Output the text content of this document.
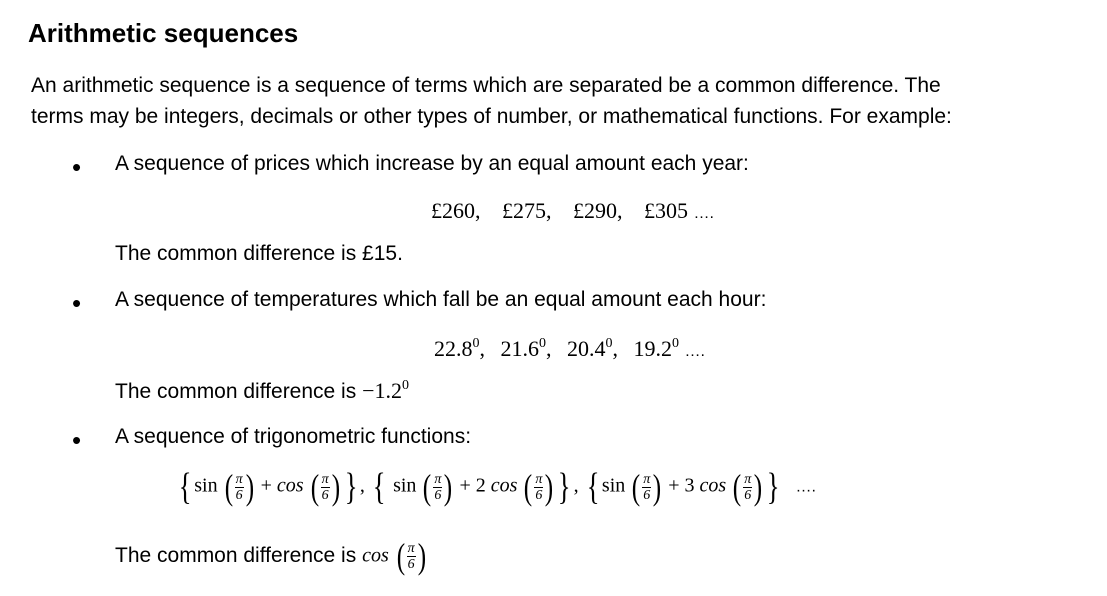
Arithmetic sequences
An arithmetic sequence is a sequence of terms which are separated be a common difference. The
terms may be integers, decimals or other types of number, or mathematical functions. For example:
• A sequence of prices which increase by an equal amount each year:
£260, £275, £290, £305 ….
The common difference is £15.
• A sequence of temperatures which fall be an equal amount each hour:
22.8$^0$, 21.6$^0$, 20.4$^0$, 19.2$^0$ ….
The common difference is $-1.2^0$
• A sequence of trigonometric functions:
{ sin ( $\frac{\pi}{6}$ ) + cos ( $\frac{\pi}{6}$ ) } , { sin ( $\frac{\pi}{6}$ ) + 2 cos ( $\frac{\pi}{6}$ ) } , { sin ( $\frac{\pi}{6}$ ) + 3 cos ( $\frac{\pi}{6}$ ) } ….
The common difference is cos ( $\frac{\pi}{6}$ )
